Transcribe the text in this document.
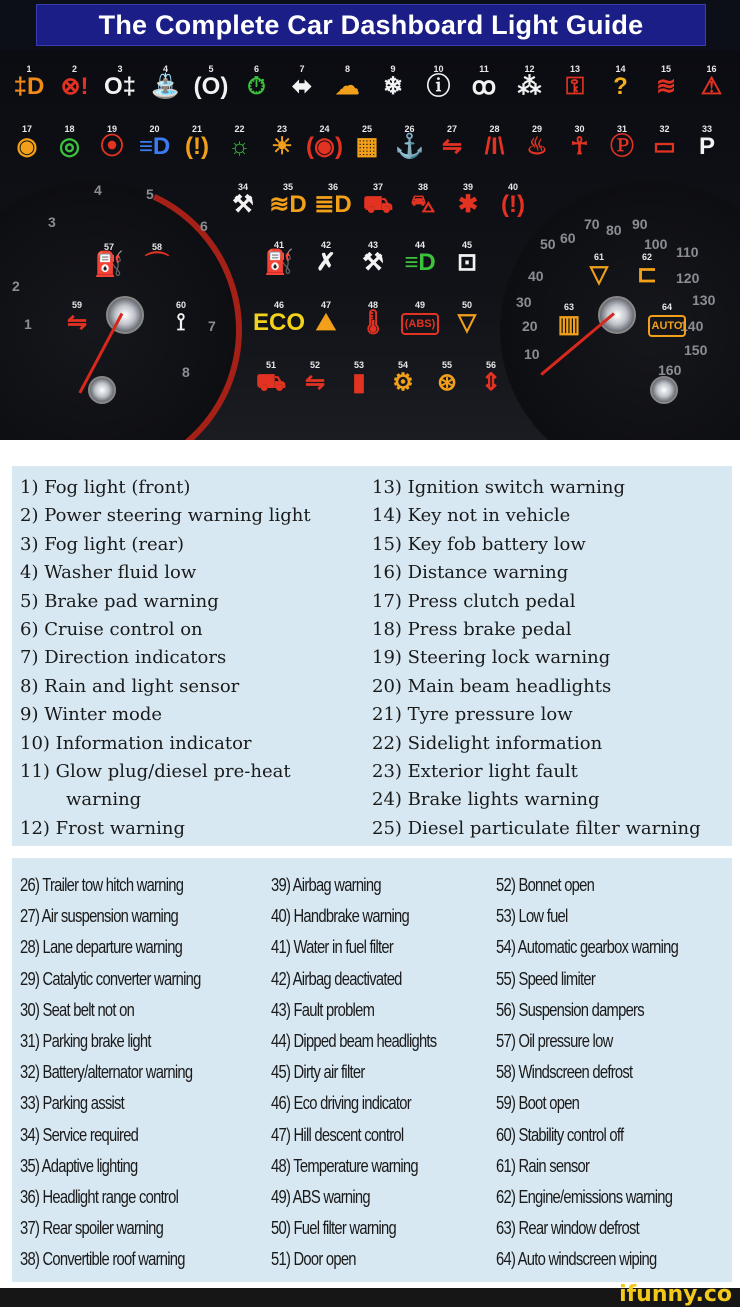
The Complete Car Dashboard Light Guide
1
2
3
4	5
6
7
8
10
20
30
40
50 60
70 80 90
100 110
120
130
140
150
160
1
‡D
2
⊗!
3
O‡
4
⛲
5
(O)
6
⏱
7
⬌
8
☁
9
❄
10
ⓘ
11
ꝏ
12
⁂
13
⚿
14
?
15
≋
16
⚠
17
◉
18
◎
19
⦿
20
≡D
21
(!)
22
☼
23
☀
24
(◉)
25
▦
26
⚓
27
⇋
28
/I\
29
♨
30
☥
31
Ⓟ
32
▭
33
P
34
⚒
35
≋D
36
≣D
37
⛟
38
⛍
39
✱
40
(!)
41
⛽
42
✗
43
⚒
44
≡D
45
⊡
46
ECO
47
⛰
48
🌡
49
(ABS)
50
▽
51
⛟
52
⇋
53
▮
54
⚙
55
⊛
56
⇕
57
⛽
58
⌒
59
⇋
60
⟟
61
▽
62
⊏
63
▥
64
AUTO
1) Fog light (front)
2) Power steering warning light
3) Fog light (rear)
4) Washer fluid low
5) Brake pad warning
6) Cruise control on
7) Direction indicators
8) Rain and light sensor
9) Winter mode
10) Information indicator
11) Glow plug/diesel pre-heat
warning
12) Frost warning
13) Ignition switch warning
14) Key not in vehicle
15) Key fob battery low
16) Distance warning
17) Press clutch pedal
18) Press brake pedal
19) Steering lock warning
20) Main beam headlights
21) Tyre pressure low
22) Sidelight information
23) Exterior light fault
24) Brake lights warning
25) Diesel particulate filter warning
26) Trailer tow hitch warning
27) Air suspension warning
28) Lane departure warning
29) Catalytic converter warning
30) Seat belt not on
31) Parking brake light
32) Battery/alternator warning
33) Parking assist
34) Service required
35) Adaptive lighting
36) Headlight range control
37) Rear spoiler warning
38) Convertible roof warning
39) Airbag warning
40) Handbrake warning
41) Water in fuel filter
42) Airbag deactivated
43) Fault problem
44) Dipped beam headlights
45) Dirty air filter
46) Eco driving indicator
47) Hill descent control
48) Temperature warning
49) ABS warning
50) Fuel filter warning
51) Door open
52) Bonnet open
53) Low fuel
54) Automatic gearbox warning
55) Speed limiter
56) Suspension dampers
57) Oil pressure low
58) Windscreen defrost
59) Boot open
60) Stability control off
61) Rain sensor
62) Engine/emissions warning
63) Rear window defrost
64) Auto windscreen wiping
ifunny.co
